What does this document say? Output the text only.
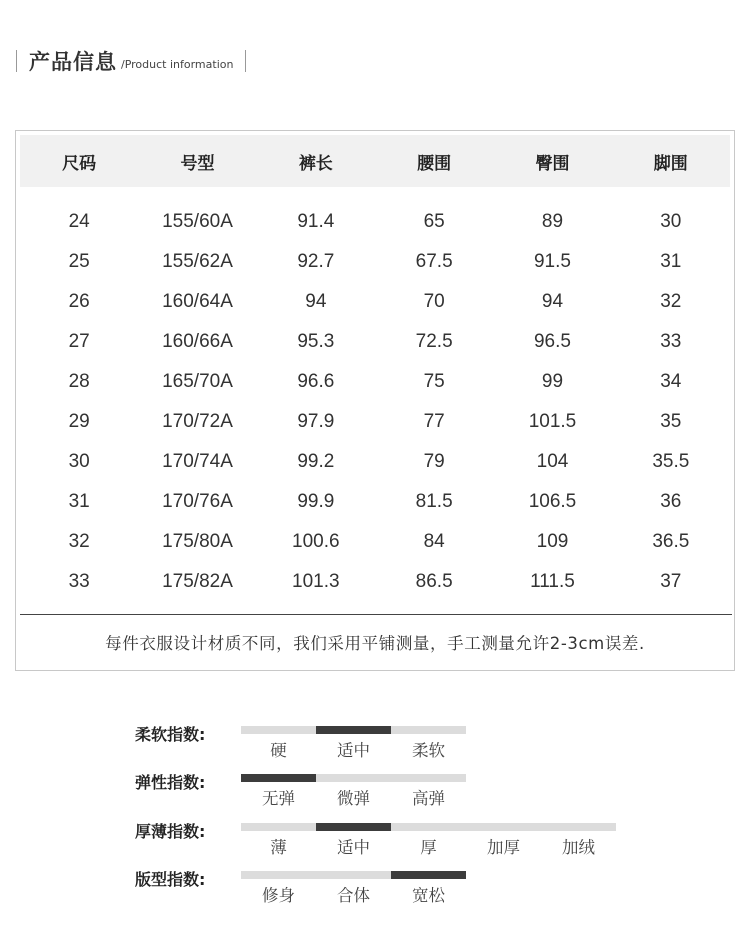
产品信息 /Product information
尺码	号型	裤长	腰围	臀围	脚围
24	155/60A	91.4	65	89	30
25	155/62A	92.7	67.5	91.5	31
26	160/64A	94	70	94	32
27	160/66A	95.3	72.5	96.5	33
28	165/70A	96.6	75	99	34
29	170/72A	97.9	77	101.5	35
30	170/74A	99.2	79	104	35.5
31	170/76A	99.9	81.5	106.5	36
32	175/80A	100.6	84	109	36.5
33	175/82A	101.3	86.5	111.5	37
每件衣服设计材质不同，我们采用平铺测量，手工测量允许2-3cm误差.
柔软指数:
硬	适中	柔软
弹性指数:
无弹	微弹	高弹
厚薄指数:
薄	适中	厚	加厚	加绒
版型指数:
修身	合体	宽松
